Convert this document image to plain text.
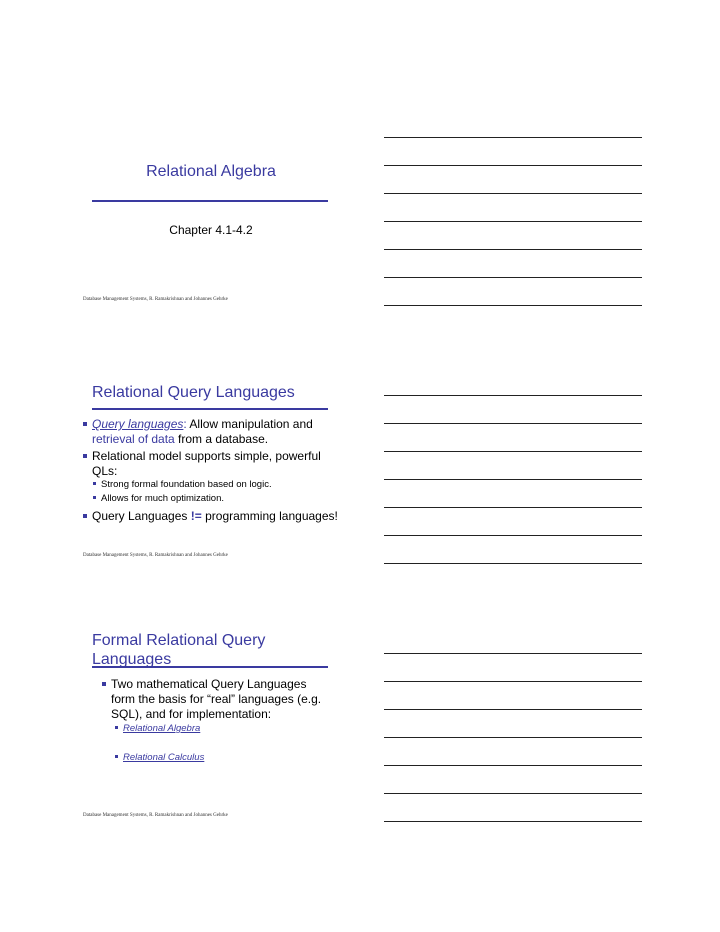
Relational Algebra
Chapter 4.1-4.2
Database Management Systems, R. Ramakrishnan and Johannes Gehrke
Relational Query Languages
Query languages: Allow manipulation and
retrieval of data from a database.
Relational model supports simple, powerful
QLs:
Strong formal foundation based on logic.
Allows for much optimization.
Query Languages != programming languages!
Database Management Systems, R. Ramakrishnan and Johannes Gehrke
Formal Relational Query
Languages
Two mathematical Query Languages
form the basis for “real” languages (e.g.
SQL), and for implementation:
Relational Algebra
Relational Calculus
Database Management Systems, R. Ramakrishnan and Johannes Gehrke
